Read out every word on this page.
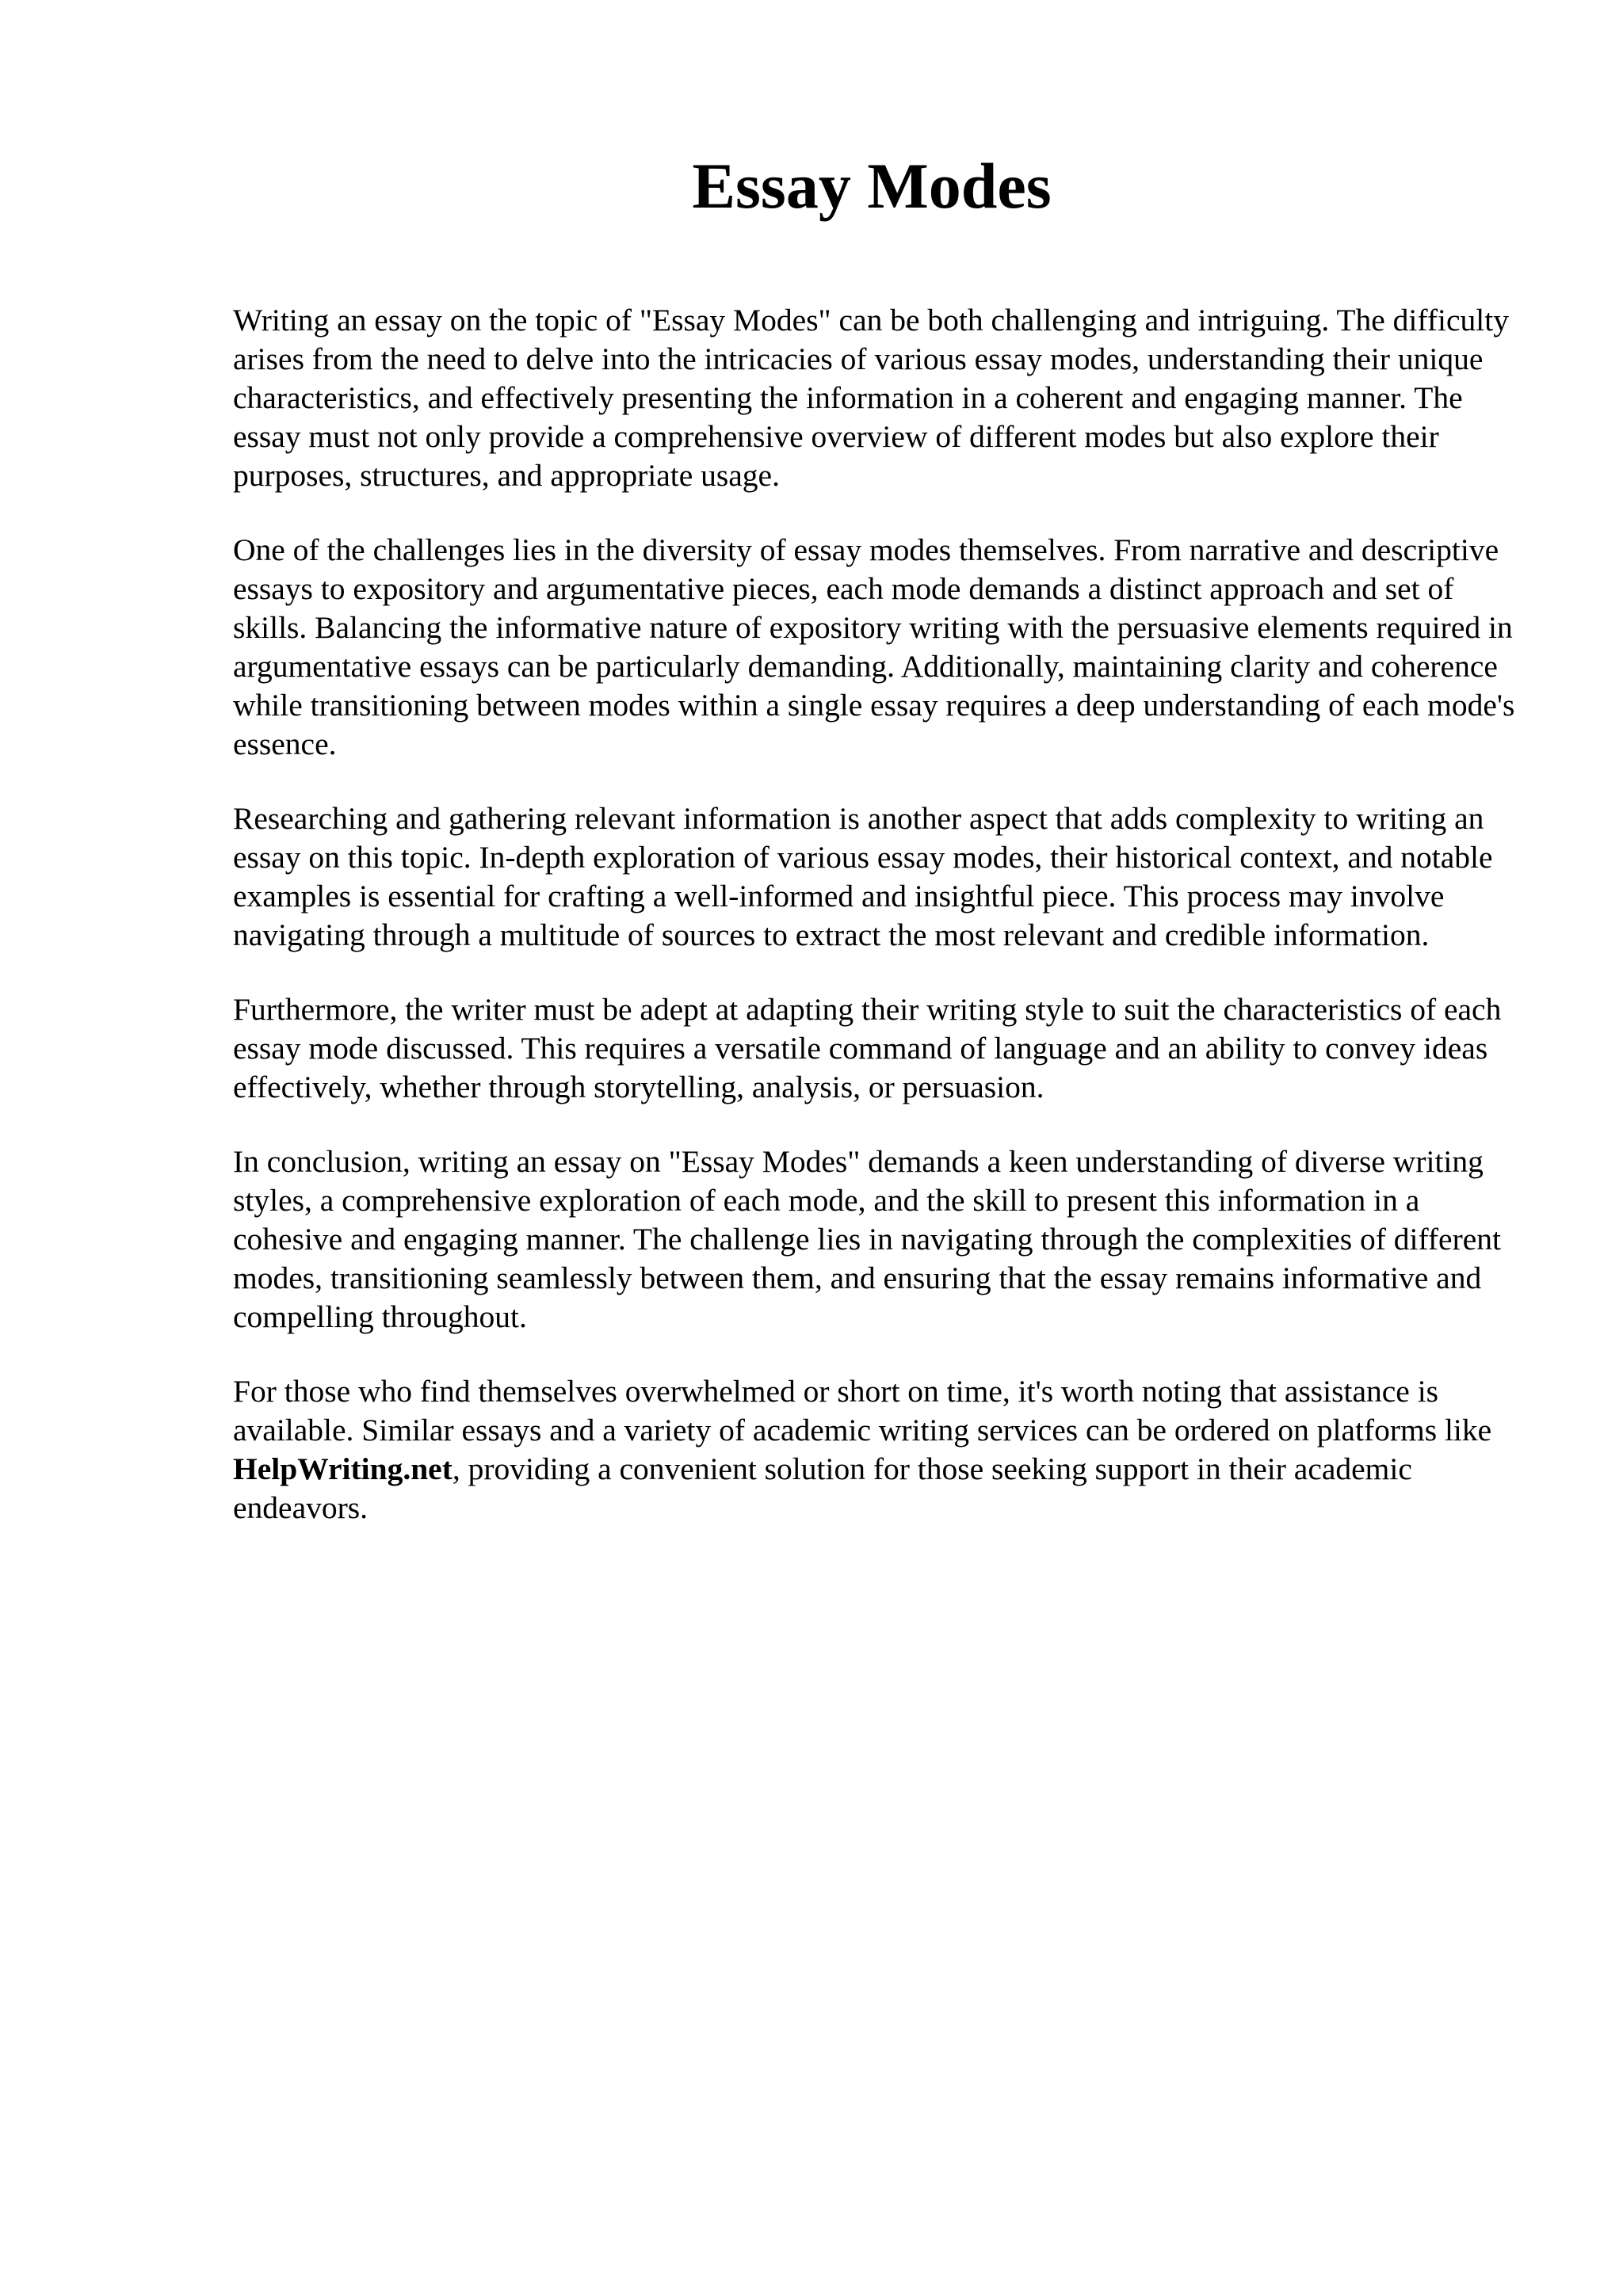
Essay Modes

Writing an essay on the topic of "Essay Modes" can be both challenging and intriguing. The difficulty arises from the need to delve into the intricacies of various essay modes, understanding their unique characteristics, and effectively presenting the information in a coherent and engaging manner. The essay must not only provide a comprehensive overview of different modes but also explore their purposes, structures, and appropriate usage.

One of the challenges lies in the diversity of essay modes themselves. From narrative and descriptive essays to expository and argumentative pieces, each mode demands a distinct approach and set of skills. Balancing the informative nature of expository writing with the persuasive elements required in argumentative essays can be particularly demanding. Additionally, maintaining clarity and coherence while transitioning between modes within a single essay requires a deep understanding of each mode's essence.

Researching and gathering relevant information is another aspect that adds complexity to writing an essay on this topic. In-depth exploration of various essay modes, their historical context, and notable examples is essential for crafting a well-informed and insightful piece. This process may involve navigating through a multitude of sources to extract the most relevant and credible information.

Furthermore, the writer must be adept at adapting their writing style to suit the characteristics of each essay mode discussed. This requires a versatile command of language and an ability to convey ideas effectively, whether through storytelling, analysis, or persuasion.

In conclusion, writing an essay on "Essay Modes" demands a keen understanding of diverse writing styles, a comprehensive exploration of each mode, and the skill to present this information in a cohesive and engaging manner. The challenge lies in navigating through the complexities of different modes, transitioning seamlessly between them, and ensuring that the essay remains informative and compelling throughout.

For those who find themselves overwhelmed or short on time, it's worth noting that assistance is available. Similar essays and a variety of academic writing services can be ordered on platforms like HelpWriting.net, providing a convenient solution for those seeking support in their academic endeavors.
